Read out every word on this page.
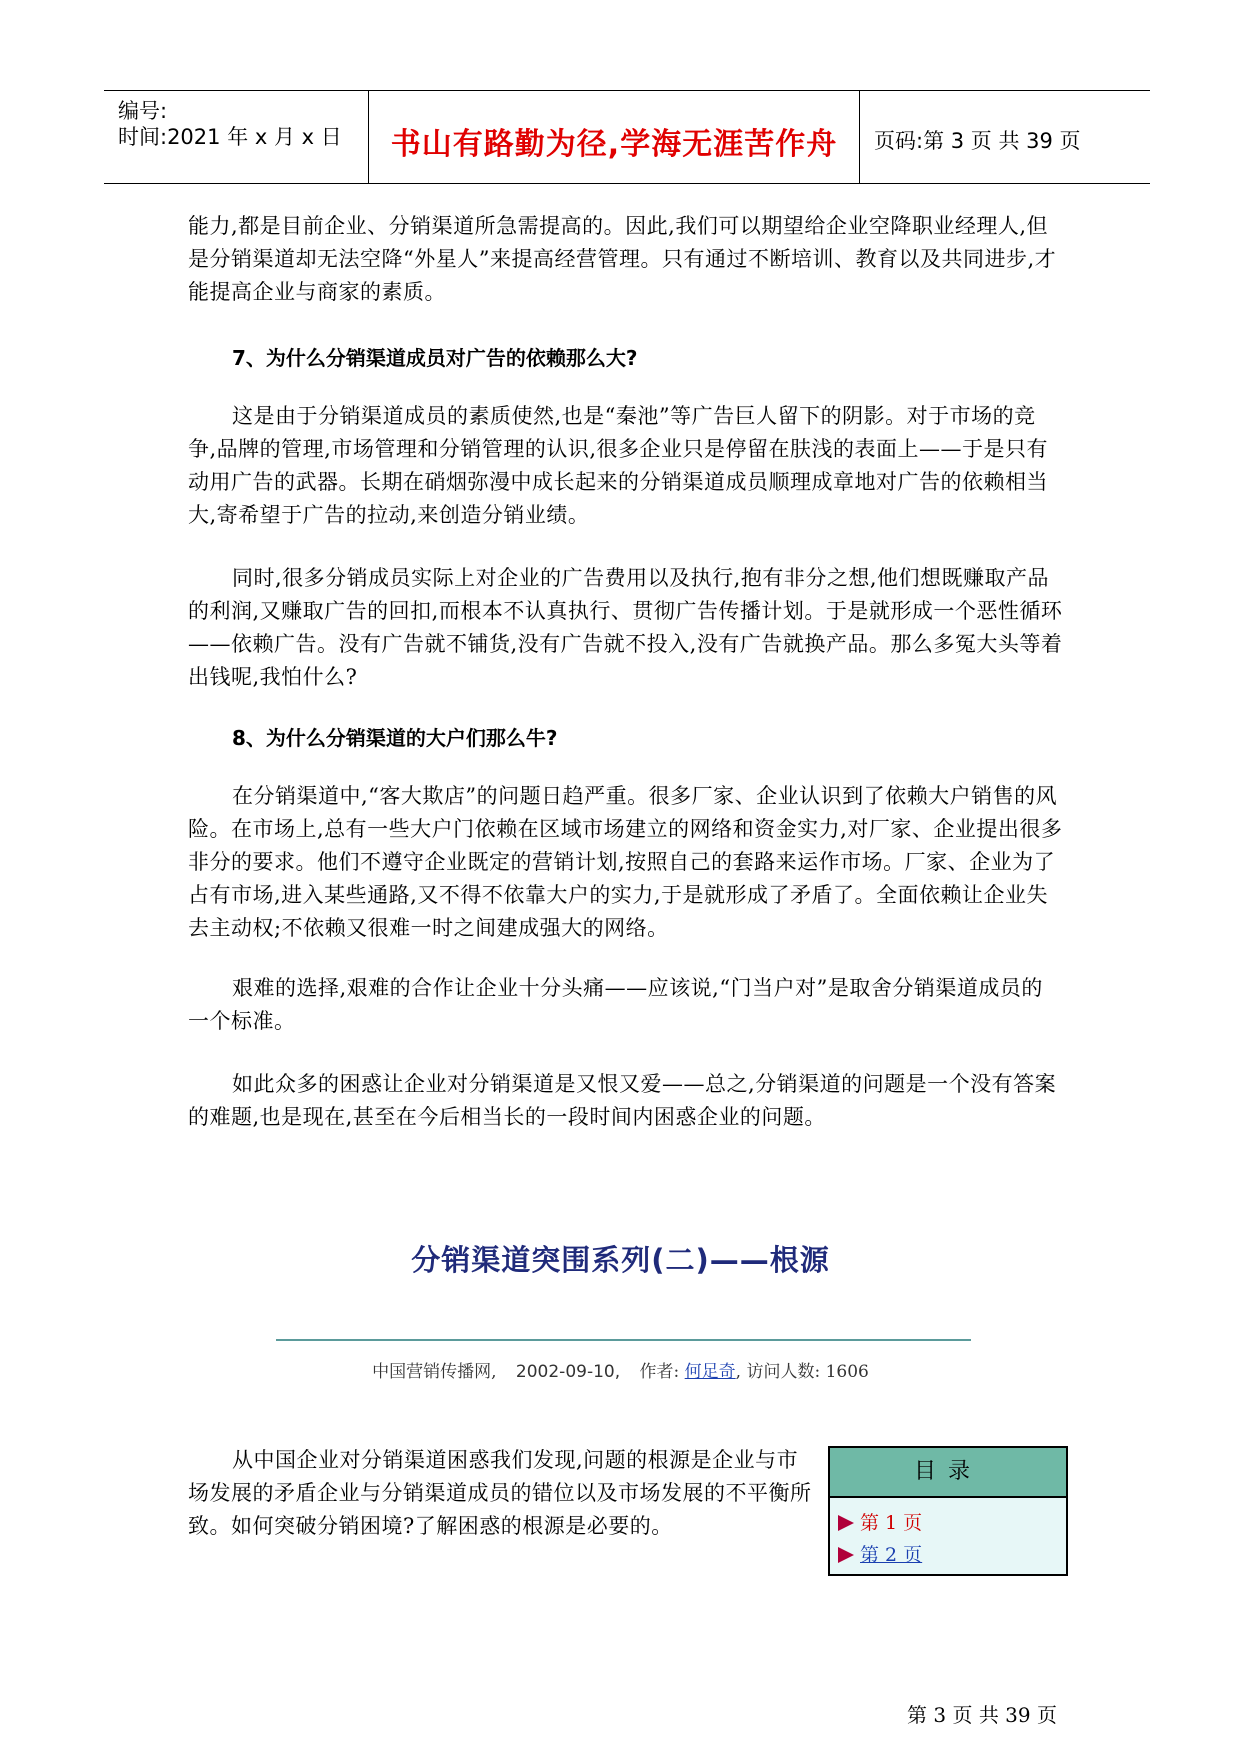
编号:
时间:2021 年 x 月 x 日	书山有路勤为径,学海无涯苦作舟	页码:第 3 页 共 39 页

能力,都是目前企业、分销渠道所急需提高的。因此,我们可以期望给企业空降职业经理人,但是分销渠道却无法空降“外星人”来提高经营管理。只有通过不断培训、教育以及共同进步,才能提高企业与商家的素质。

7、为什么分销渠道成员对广告的依赖那么大?

这是由于分销渠道成员的素质使然,也是“秦池”等广告巨人留下的阴影。对于市场的竞争,品牌的管理,市场管理和分销管理的认识,很多企业只是停留在肤浅的表面上——于是只有动用广告的武器。长期在硝烟弥漫中成长起来的分销渠道成员顺理成章地对广告的依赖相当大,寄希望于广告的拉动,来创造分销业绩。

同时,很多分销成员实际上对企业的广告费用以及执行,抱有非分之想,他们想既赚取产品的利润,又赚取广告的回扣,而根本不认真执行、贯彻广告传播计划。于是就形成一个恶性循环——依赖广告。没有广告就不铺货,没有广告就不投入,没有广告就换产品。那么多冤大头等着出钱呢,我怕什么?

8、为什么分销渠道的大户们那么牛?

在分销渠道中,“客大欺店”的问题日趋严重。很多厂家、企业认识到了依赖大户销售的风险。在市场上,总有一些大户门依赖在区域市场建立的网络和资金实力,对厂家、企业提出很多非分的要求。他们不遵守企业既定的营销计划,按照自己的套路来运作市场。厂家、企业为了占有市场,进入某些通路,又不得不依靠大户的实力,于是就形成了矛盾了。全面依赖让企业失去主动权;不依赖又很难一时之间建成强大的网络。

艰难的选择,艰难的合作让企业十分头痛——应该说,“门当户对”是取舍分销渠道成员的一个标准。

如此众多的困惑让企业对分销渠道是又恨又爱——总之,分销渠道的问题是一个没有答案的难题,也是现在,甚至在今后相当长的一段时间内困惑企业的问题。

分销渠道突围系列(二)——根源
中国营销传播网, 2002-09-10, 作者: 何足奇, 访问人数: 1606

从中国企业对分销渠道困惑我们发现,问题的根源是企业与市场发展的矛盾企业与分销渠道成员的错位以及市场发展的不平衡所致。如何突破分销困境?了解困惑的根源是必要的。

目录
第 1 页
第 2 页
第 3 页 共 39 页
